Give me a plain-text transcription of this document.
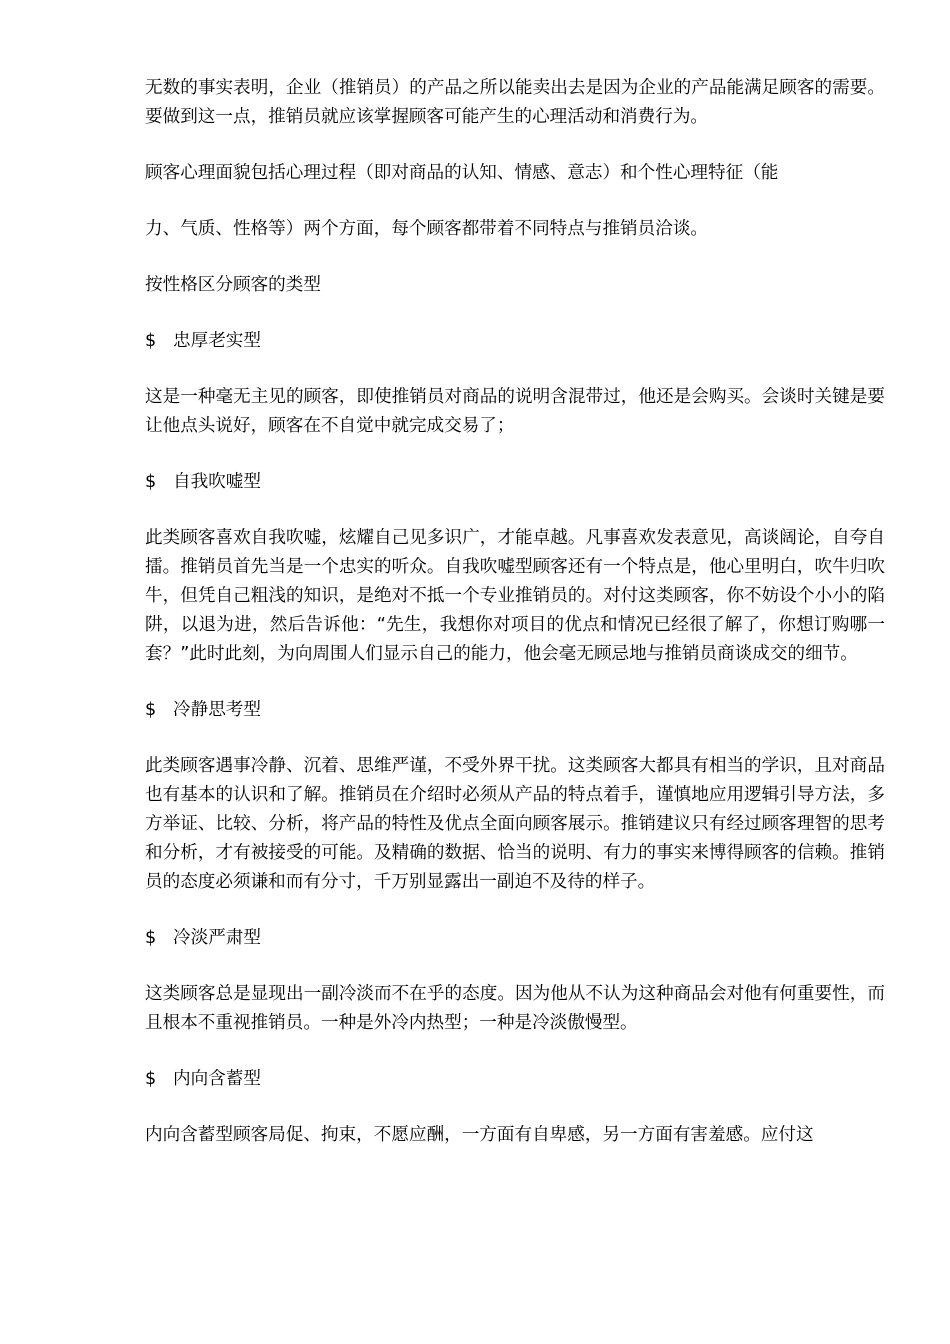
无数的事实表明，企业（推销员）的产品之所以能卖出去是因为企业的产品能满足顾客的需要。要做到这一点，推销员就应该掌握顾客可能产生的心理活动和消费行为。

顾客心理面貌包括心理过程（即对商品的认知、情感、意志）和个性心理特征（能

力、气质、性格等）两个方面，每个顾客都带着不同特点与推销员洽谈。

按性格区分顾客的类型

$ 忠厚老实型

这是一种毫无主见的顾客，即使推销员对商品的说明含混带过，他还是会购买。会谈时关键是要让他点头说好，顾客在不自觉中就完成交易了；

$ 自我吹嘘型

此类顾客喜欢自我吹嘘，炫耀自己见多识广，才能卓越。凡事喜欢发表意见，高谈阔论，自夸自擂。推销员首先当是一个忠实的听众。自我吹嘘型顾客还有一个特点是，他心里明白，吹牛归吹牛，但凭自己粗浅的知识，是绝对不抵一个专业推销员的。对付这类顾客，你不妨设个小小的陷阱，以退为进，然后告诉他：“先生，我想你对项目的优点和情况已经很了解了，你想订购哪一套？”此时此刻，为向周围人们显示自己的能力，他会毫无顾忌地与推销员商谈成交的细节。

$ 冷静思考型

此类顾客遇事冷静、沉着、思维严谨，不受外界干扰。这类顾客大都具有相当的学识，且对商品也有基本的认识和了解。推销员在介绍时必须从产品的特点着手，谨慎地应用逻辑引导方法，多方举证、比较、分析，将产品的特性及优点全面向顾客展示。推销建议只有经过顾客理智的思考和分析，才有被接受的可能。及精确的数据、恰当的说明、有力的事实来博得顾客的信赖。推销员的态度必须谦和而有分寸，千万别显露出一副迫不及待的样子。

$ 冷淡严肃型

这类顾客总是显现出一副冷淡而不在乎的态度。因为他从不认为这种商品会对他有何重要性，而且根本不重视推销员。一种是外冷内热型；一种是冷淡傲慢型。

$ 内向含蓄型

内向含蓄型顾客局促、拘束，不愿应酬，一方面有自卑感，另一方面有害羞感。应付这
